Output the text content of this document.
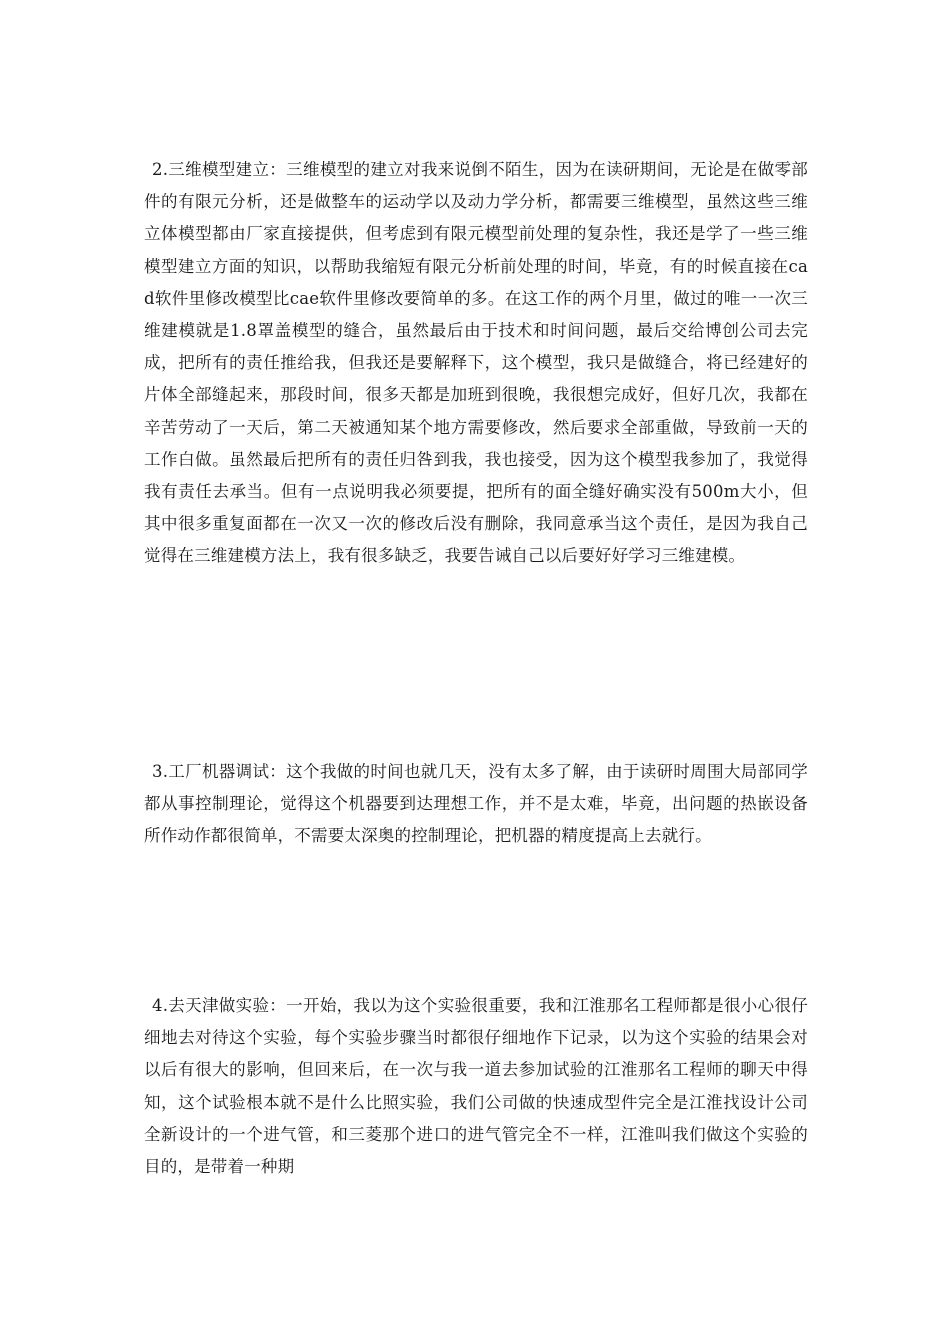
2.三维模型建立：三维模型的建立对我来说倒不陌生，因为在读研期间，无论是在做零部件的有限元分析，还是做整车的运动学以及动力学分析，都需要三维模型，虽然这些三维立体模型都由厂家直接提供，但考虑到有限元模型前处理的复杂性，我还是学了一些三维模型建立方面的知识，以帮助我缩短有限元分析前处理的时间，毕竟，有的时候直接在cad软件里修改模型比cae软件里修改要简单的多。在这工作的两个月里，做过的唯一一次三维建模就是1.8罩盖模型的缝合，虽然最后由于技术和时间问题，最后交给博创公司去完成，把所有的责任推给我，但我还是要解释下，这个模型，我只是做缝合，将已经建好的片体全部缝起来，那段时间，很多天都是加班到很晚，我很想完成好，但好几次，我都在辛苦劳动了一天后，第二天被通知某个地方需要修改，然后要求全部重做，导致前一天的工作白做。虽然最后把所有的责任归咎到我，我也接受，因为这个模型我参加了，我觉得我有责任去承当。但有一点说明我必须要提，把所有的面全缝好确实没有500m大小，但其中很多重复面都在一次又一次的修改后没有删除，我同意承当这个责任，是因为我自己觉得在三维建模方法上，我有很多缺乏，我要告诫自己以后要好好学习三维建模。

3.工厂机器调试：这个我做的时间也就几天，没有太多了解，由于读研时周围大局部同学都从事控制理论，觉得这个机器要到达理想工作，并不是太难，毕竟，出问题的热嵌设备所作动作都很简单，不需要太深奥的控制理论，把机器的精度提高上去就行。

4.去天津做实验：一开始，我以为这个实验很重要，我和江淮那名工程师都是很小心很仔细地去对待这个实验，每个实验步骤当时都很仔细地作下记录，以为这个实验的结果会对以后有很大的影响，但回来后，在一次与我一道去参加试验的江淮那名工程师的聊天中得知，这个试验根本就不是什么比照实验，我们公司做的快速成型件完全是江淮找设计公司全新设计的一个进气管，和三菱那个进口的进气管完全不一样，江淮叫我们做这个实验的目的，是带着一种期
